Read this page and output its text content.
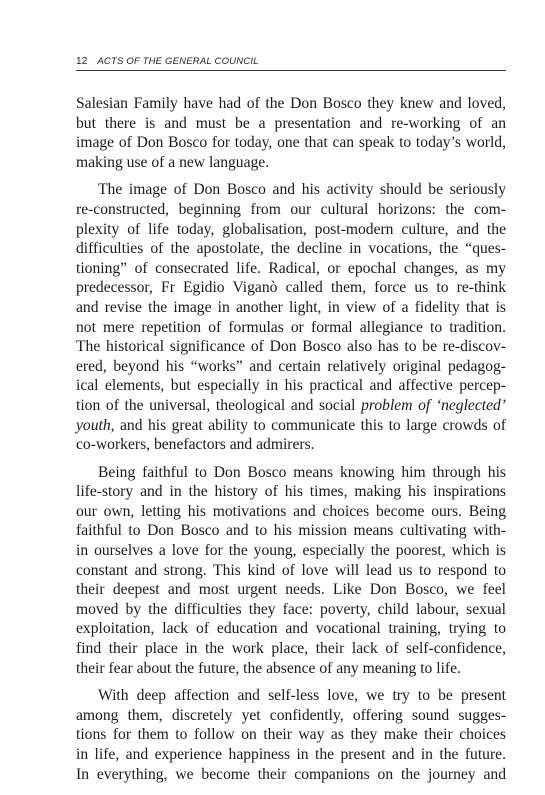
12 ACTS OF THE GENERAL COUNCIL
Salesian Family have had of the Don Bosco they knew and loved,
but there is and must be a presentation and re-working of an
image of Don Bosco for today, one that can speak to today’s world,
making use of a new language.
The image of Don Bosco and his activity should be seriously
re-constructed, beginning from our cultural horizons: the com-
plexity of life today, globalisation, post-modern culture, and the
difficulties of the apostolate, the decline in vocations, the “ques-
tioning” of consecrated life. Radical, or epochal changes, as my
predecessor, Fr Egidio Viganò called them, force us to re-think
and revise the image in another light, in view of a fidelity that is
not mere repetition of formulas or formal allegiance to tradition.
The historical significance of Don Bosco also has to be re-discov-
ered, beyond his “works” and certain relatively original pedagog-
ical elements, but especially in his practical and affective percep-
tion of the universal, theological and social problem of ‘neglected’
youth, and his great ability to communicate this to large crowds of
co-workers, benefactors and admirers.
Being faithful to Don Bosco means knowing him through his
life-story and in the history of his times, making his inspirations
our own, letting his motivations and choices become ours. Being
faithful to Don Bosco and to his mission means cultivating with-
in ourselves a love for the young, especially the poorest, which is
constant and strong. This kind of love will lead us to respond to
their deepest and most urgent needs. Like Don Bosco, we feel
moved by the difficulties they face: poverty, child labour, sexual
exploitation, lack of education and vocational training, trying to
find their place in the work place, their lack of self-confidence,
their fear about the future, the absence of any meaning to life.
With deep affection and self-less love, we try to be present
among them, discretely yet confidently, offering sound sugges-
tions for them to follow on their way as they make their choices
in life, and experience happiness in the present and in the future.
In everything, we become their companions on the journey and
